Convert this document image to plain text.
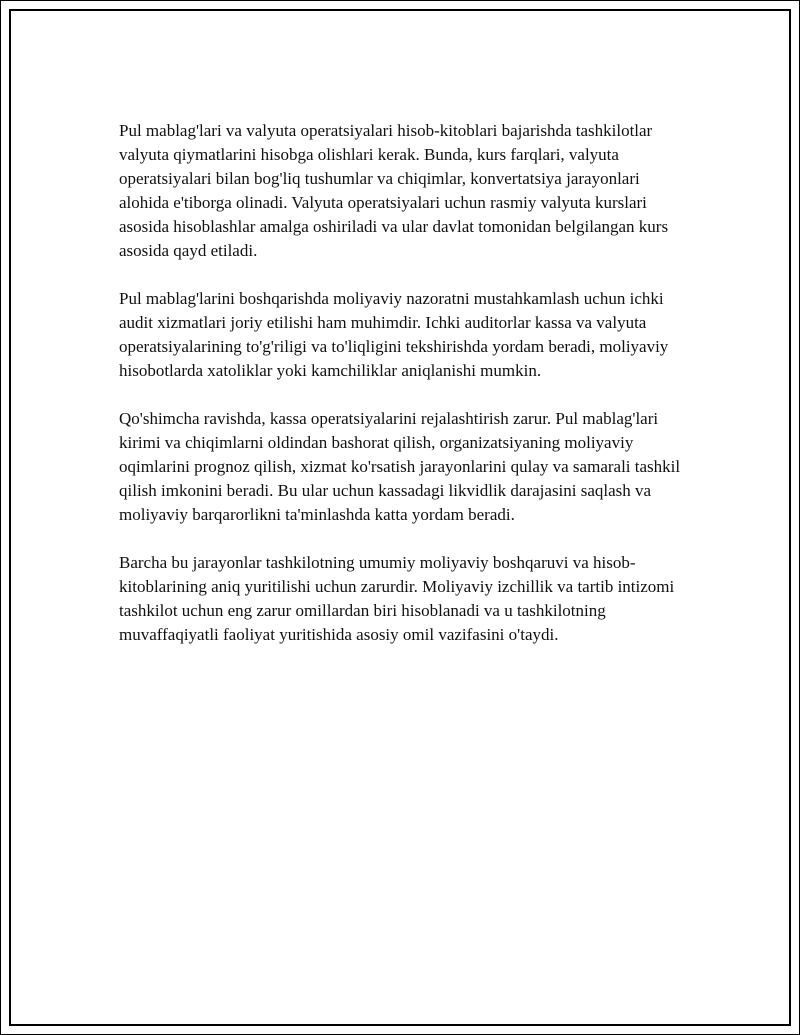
Pul mablag'lari va valyuta operatsiyalari hisob-kitoblari bajarishda tashkilotlar valyuta qiymatlarini hisobga olishlari kerak. Bunda, kurs farqlari, valyuta operatsiyalari bilan bog'liq tushumlar va chiqimlar, konvertatsiya jarayonlari alohida e'tiborga olinadi. Valyuta operatsiyalari uchun rasmiy valyuta kurslari asosida hisoblashlar amalga oshiriladi va ular davlat tomonidan belgilangan kurs asosida qayd etiladi.

Pul mablag'larini boshqarishda moliyaviy nazoratni mustahkamlash uchun ichki audit xizmatlari joriy etilishi ham muhimdir. Ichki auditorlar kassa va valyuta operatsiyalarining to'g'riligi va to'liqligini tekshirishda yordam beradi, moliyaviy hisobotlarda xatoliklar yoki kamchiliklar aniqlanishi mumkin.

Qo'shimcha ravishda, kassa operatsiyalarini rejalashtirish zarur. Pul mablag'lari kirimi va chiqimlarni oldindan bashorat qilish, organizatsiyaning moliyaviy oqimlarini prognoz qilish, xizmat ko'rsatish jarayonlarini qulay va samarali tashkil qilish imkonini beradi. Bu ular uchun kassadagi likvidlik darajasini saqlash va moliyaviy barqarorlikni ta'minlashda katta yordam beradi.

Barcha bu jarayonlar tashkilotning umumiy moliyaviy boshqaruvi va hisob-kitoblarining aniq yuritilishi uchun zarurdir. Moliyaviy izchillik va tartib intizomi tashkilot uchun eng zarur omillardan biri hisoblanadi va u tashkilotning muvaffaqiyatli faoliyat yuritishida asosiy omil vazifasini o'taydi.
